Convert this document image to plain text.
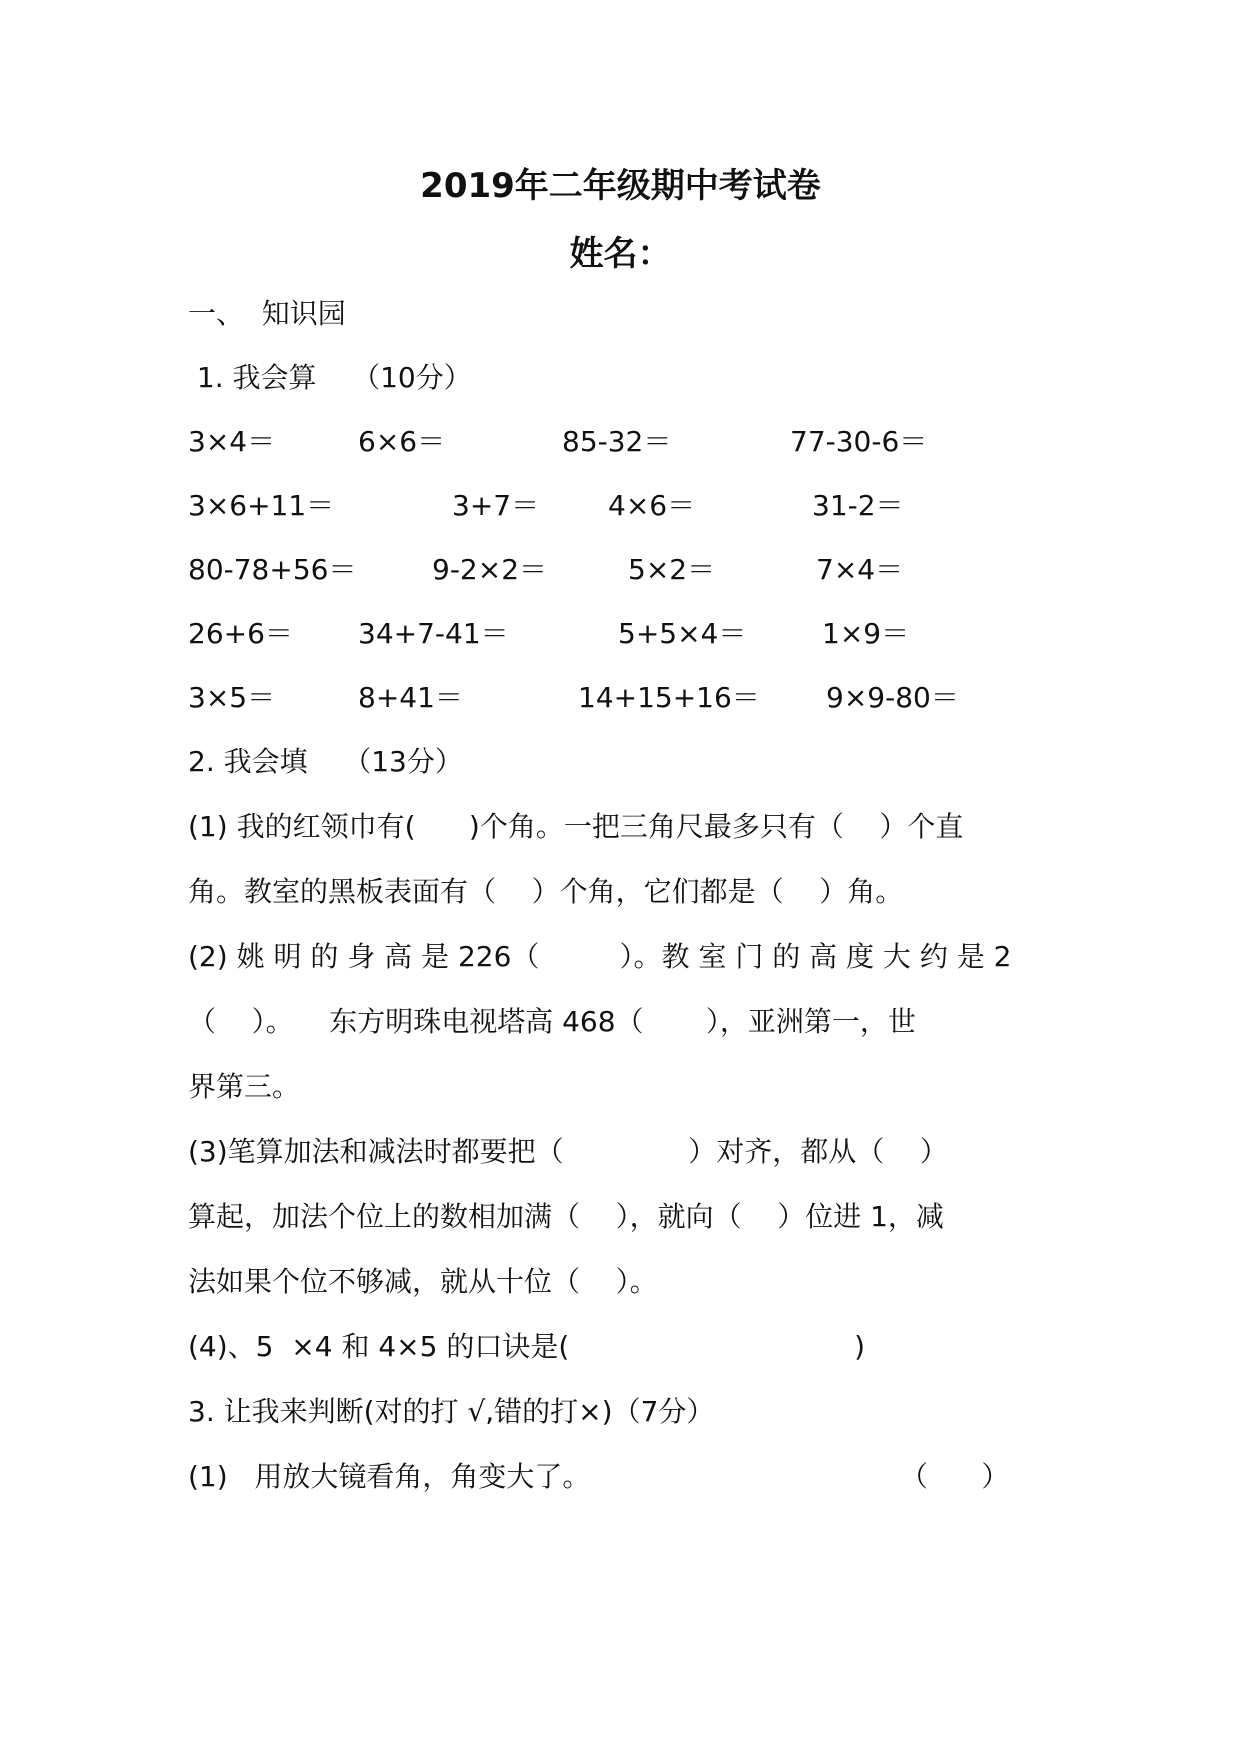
2019年二年级期中考试卷
姓名：
一、  知识园
1. 我会算    （10分）
3×4＝	6×6＝	85-32＝	77-30-6＝
3×6+11＝	3+7＝ 4×6＝	31-2＝
80-78+56＝	9-2×2＝	5×2＝	7×4＝
26+6＝ 34+7-41＝	5+5×4＝	1×9＝
3×5＝	8+41＝	14+15+16＝ 9×9-80＝
2. 我会填    （13分）
(1) 我的红领巾有(      )个角。一把三角尺最多只有（    ）个直
角。教室的黑板表面有（    ）个角，它们都是（    ）角。
(2) 姚 明 的 身 高 是 226（         ）。教 室 门 的 高 度 大 约 是 2
（    ）。    东方明珠电视塔高 468（       ），亚洲第一，世
界第三。
(3)笔算加法和减法时都要把（              ）对齐，都从（    ）
算起，加法个位上的数相加满（    ），就向（    ）位进 1，减
法如果个位不够减，就从十位（    ）。
(4)、5  ×4 和 4×5 的口诀是(                                )
3. 让我来判断(对的打 √,错的打×)（7分）
(1)   用放大镜看角，角变大了。	（      ）
